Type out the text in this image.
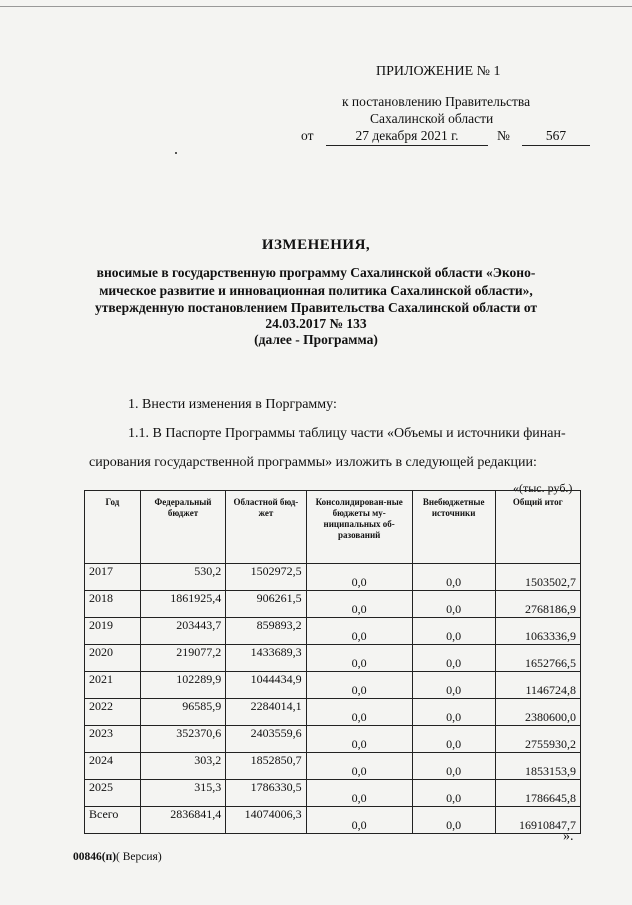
ПРИЛОЖЕНИЕ № 1
к постановлению Правительства
Сахалинской области
от	27 декабря 2021 г.	№	567
ИЗМЕНЕНИЯ,
вносимые в государственную программу Сахалинской области «Эконо-
мическое развитие и инновационная политика Сахалинской области»,
утвержденную постановлением Правительства Сахалинской области от
24.03.2017 № 133
(далее - Программа)
1. Внести изменения в Порграмму:
1.1. В Паспорте Программы таблицу части «Объемы и источники финан-
сирования государственной программы» изложить в следующей редакции:
«(тыс. руб.)
Год	Федеральный бюджет	Областной бюд-жет	Консолидирован-ные бюджеты му-ниципальных об-разований	Внебюджетные источники	Общий итог
2017	530,2	1502972,5	0,0	0,0	1503502,7
2018	1861925,4	906261,5	0,0	0,0	2768186,9
2019	203443,7	859893,2	0,0	0,0	1063336,9
2020	219077,2	1433689,3	0,0	0,0	1652766,5
2021	102289,9	1044434,9	0,0	0,0	1146724,8
2022	96585,9	2284014,1	0,0	0,0	2380600,0
2023	352370,6	2403559,6	0,0	0,0	2755930,2
2024	303,2	1852850,7	0,0	0,0	1853153,9
2025	315,3	1786330,5	0,0	0,0	1786645,8
Всего	2836841,4	14074006,3	0,0	0,0	16910847,7
».
00846(п)( Версия)
